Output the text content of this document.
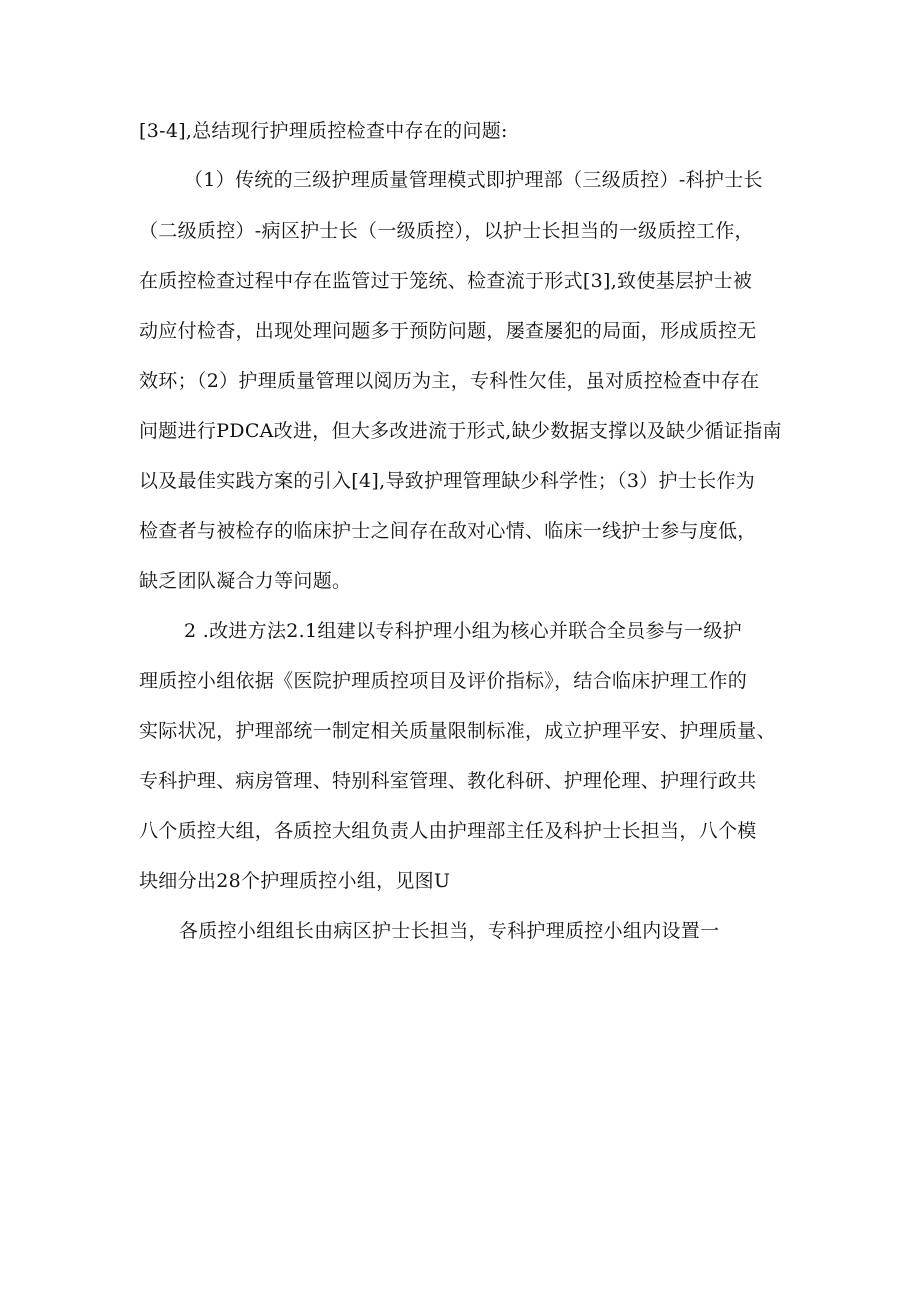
[3-4],总结现行护理质控检查中存在的问题:
（1）传统的三级护理质量管理模式即护理部（三级质控）-科护士长
（二级质控）-病区护士长（一级质控），以护士长担当的一级质控工作，
在质控检查过程中存在监管过于笼统、检查流于形式[3],致使基层护士被
动应付检杳，出现处理问题多于预防问题，屡查屡犯的局面，形成质控无
效环；（2）护理质量管理以阅历为主，专科性欠佳，虽对质控检查中存在
问题进行PDCA改进，但大多改进流于形式,缺少数据支撑以及缺少循证指南
以及最佳实践方案的引入[4],导致护理管理缺少科学性；（3）护士长作为
检查者与被检存的临床护士之间存在敌对心情、临床一线护士参与度低，
缺乏团队凝合力等问题。
2 .改进方法2.1组建以专科护理小组为核心并联合全员参与一级护
理质控小组依据《医院护理质控项目及评价指标》，结合临床护理工作的
实际状况，护理部统一制定相关质量限制标准，成立护理平安、护理质量、
专科护理、病房管理、特别科室管理、教化科研、护理伦理、护理行政共
八个质控大组，各质控大组负责人由护理部主任及科护士长担当，八个模
块细分出28个护理质控小组，见图U
各质控小组组长由病区护士长担当，专科护理质控小组内设置一
